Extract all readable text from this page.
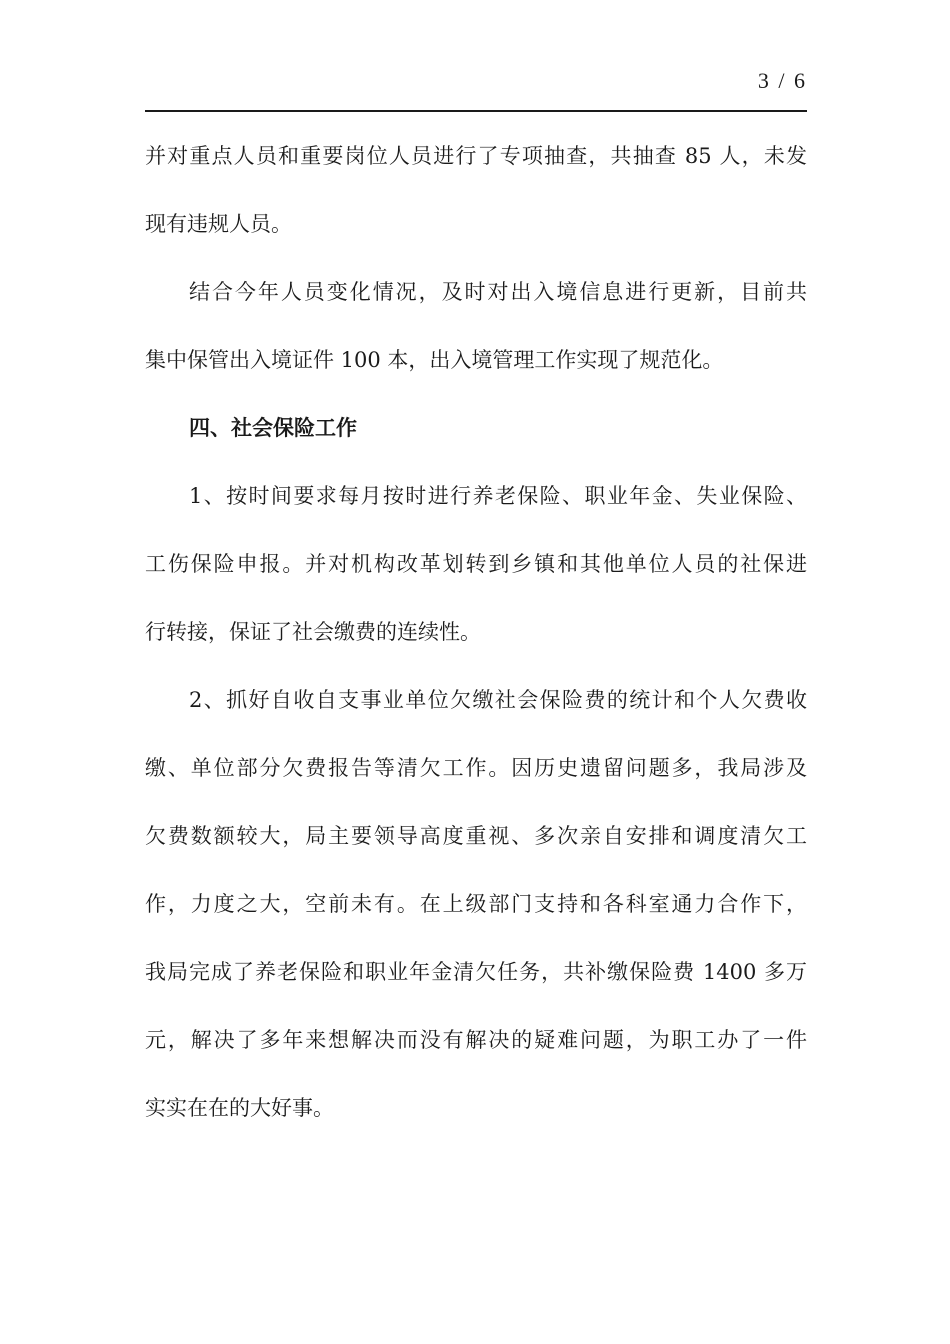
3 / 6
并对重点人员和重要岗位人员进行了专项抽查，共抽查 85 人，未发
现有违规人员。
结合今年人员变化情况，及时对出入境信息进行更新，目前共
集中保管出入境证件 100 本，出入境管理工作实现了规范化。
四、社会保险工作
1、按时间要求每月按时进行养老保险、职业年金、失业保险、
工伤保险申报。并对机构改革划转到乡镇和其他单位人员的社保进
行转接，保证了社会缴费的连续性。
2、抓好自收自支事业单位欠缴社会保险费的统计和个人欠费收
缴、单位部分欠费报告等清欠工作。因历史遗留问题多，我局涉及
欠费数额较大，局主要领导高度重视、多次亲自安排和调度清欠工
作，力度之大，空前未有。在上级部门支持和各科室通力合作下，
我局完成了养老保险和职业年金清欠任务，共补缴保险费 1400 多万
元，解决了多年来想解决而没有解决的疑难问题，为职工办了一件
实实在在的大好事。
